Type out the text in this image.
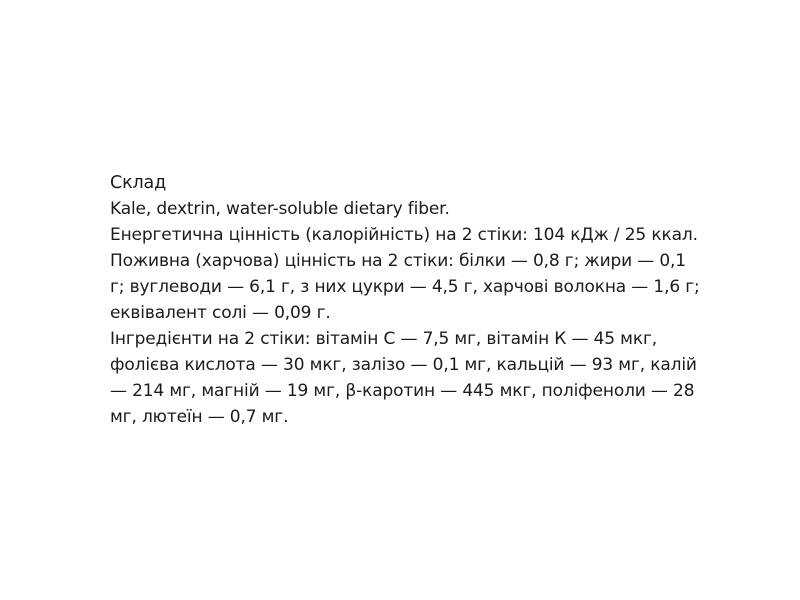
Склад

Kale, dextrin, water-soluble dietary fiber.

Енергетична цінність (калорійність) на 2 стіки: 104 кДж / 25 ккал.

Поживна (харчова) цінність на 2 стіки: білки — 0,8 г; жири — 0,1

г; вуглеводи — 6,1 г, з них цукри — 4,5 г, харчові волокна — 1,6 г;

еквівалент солі — 0,09 г.

Інгредієнти на 2 стіки: вітамін С — 7,5 мг, вітамін К — 45 мкг,

фолієва кислота — 30 мкг, залізо — 0,1 мг, кальцій — 93 мг, калій

— 214 мг, магній — 19 мг, β-каротин — 445 мкг, поліфеноли — 28

мг, лютеїн — 0,7 мг.
